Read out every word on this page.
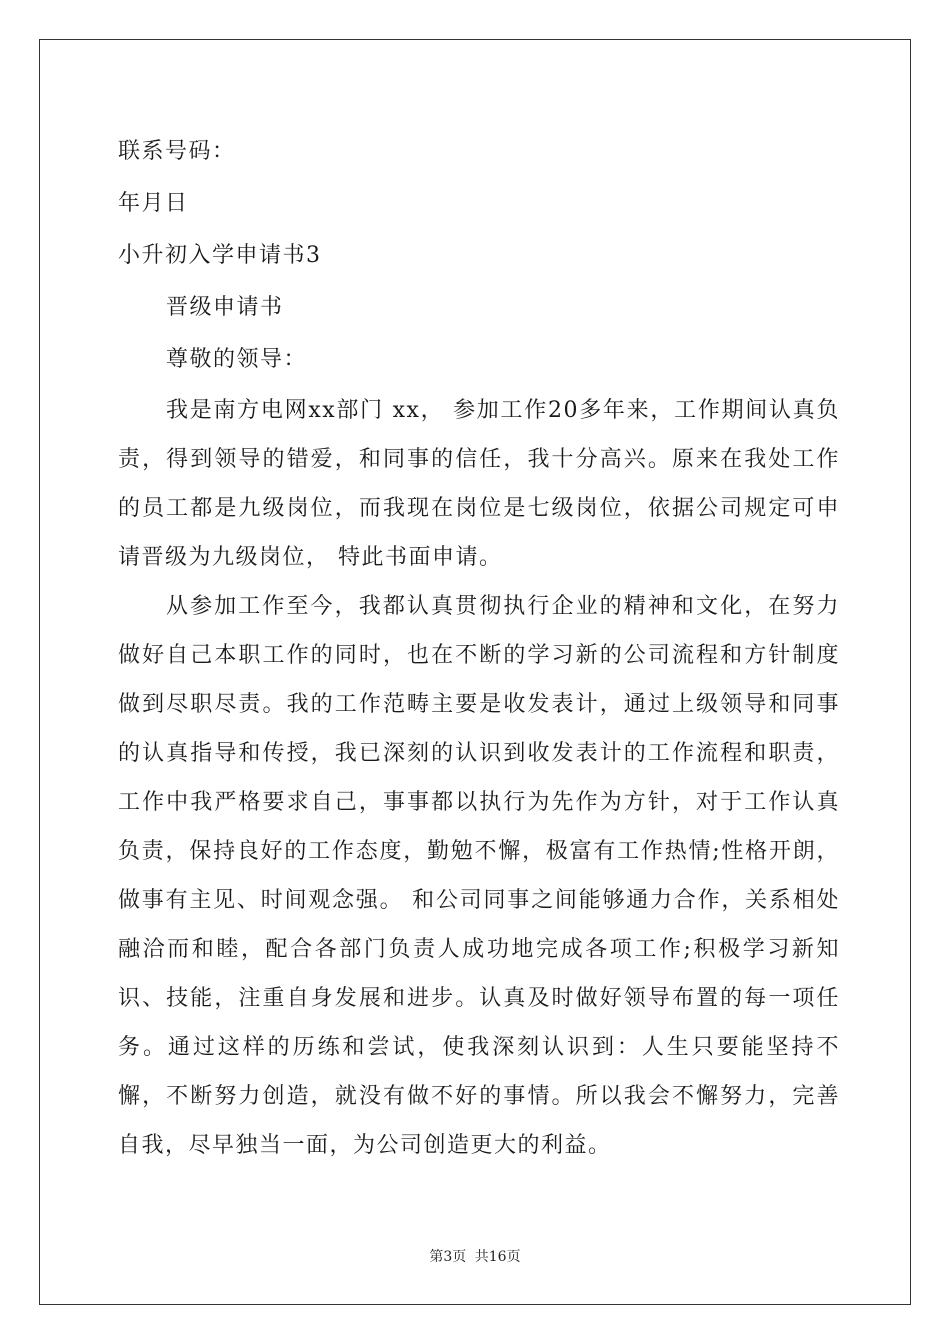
联系号码：
年月日
小升初入学申请书3
晋级申请书
尊敬的领导：

我是南方电网xx部门 xx， 参加工作20多年来，工作期间认真负责，得到领导的错爱，和同事的信任，我十分高兴。原来在我处工作的员工都是九级岗位，而我现在岗位是七级岗位，依据公司规定可申请晋级为九级岗位， 特此书面申请。

从参加工作至今，我都认真贯彻执行企业的精神和文化，在努力做好自己本职工作的同时，也在不断的学习新的公司流程和方针制度做到尽职尽责。我的工作范畴主要是收发表计，通过上级领导和同事的认真指导和传授，我已深刻的认识到收发表计的工作流程和职责，工作中我严格要求自己，事事都以执行为先作为方针，对于工作认真负责，保持良好的工作态度，勤勉不懈，极富有工作热情;性格开朗，做事有主见、时间观念强。 和公司同事之间能够通力合作，关系相处融洽而和睦，配合各部门负责人成功地完成各项工作;积极学习新知识、技能，注重自身发展和进步。认真及时做好领导布置的每一项任务。通过这样的历练和尝试，使我深刻认识到：人生只要能坚持不懈，不断努力创造，就没有做不好的事情。所以我会不懈努力，完善自我，尽早独当一面，为公司创造更大的利益。

第3页 共16页
